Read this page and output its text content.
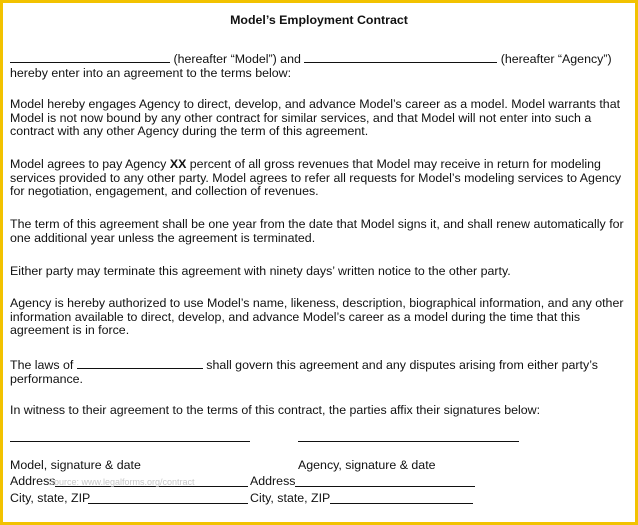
Model’s Employment Contract
(hereafter “Model”) and	(hereafter “Agency”)
hereby enter into an agreement to the terms below:

Model hereby engages Agency to direct, develop, and advance Model’s career as a model. Model warrants that Model is not now bound by any other contract for similar services, and that Model will not enter into such a contract with any other Agency during the term of this agreement.

Model agrees to pay Agency XX percent of all gross revenues that Model may receive in return for modeling services provided to any other party. Model agrees to refer all requests for Model’s modeling services to Agency for negotiation, engagement, and collection of revenues.

The term of this agreement shall be one year from the date that Model signs it, and shall renew automatically for one additional year unless the agreement is terminated.

Either party may terminate this agreement with ninety days’ written notice to the other party.

Agency is hereby authorized to use Model’s name, likeness, description, biographical information, and any other information available to direct, develop, and advance Model’s career as a model during the time that this agreement is in force.

The laws of	shall govern this agreement and any disputes arising from either party’s performance.

In witness to their agreement to the terms of this contract, the parties affix their signatures below:

Model, signature & date	Agency, signature & date
Address	Address
City, state, ZIP	City, state, ZIP
Source: www.legalforms.org/contract
